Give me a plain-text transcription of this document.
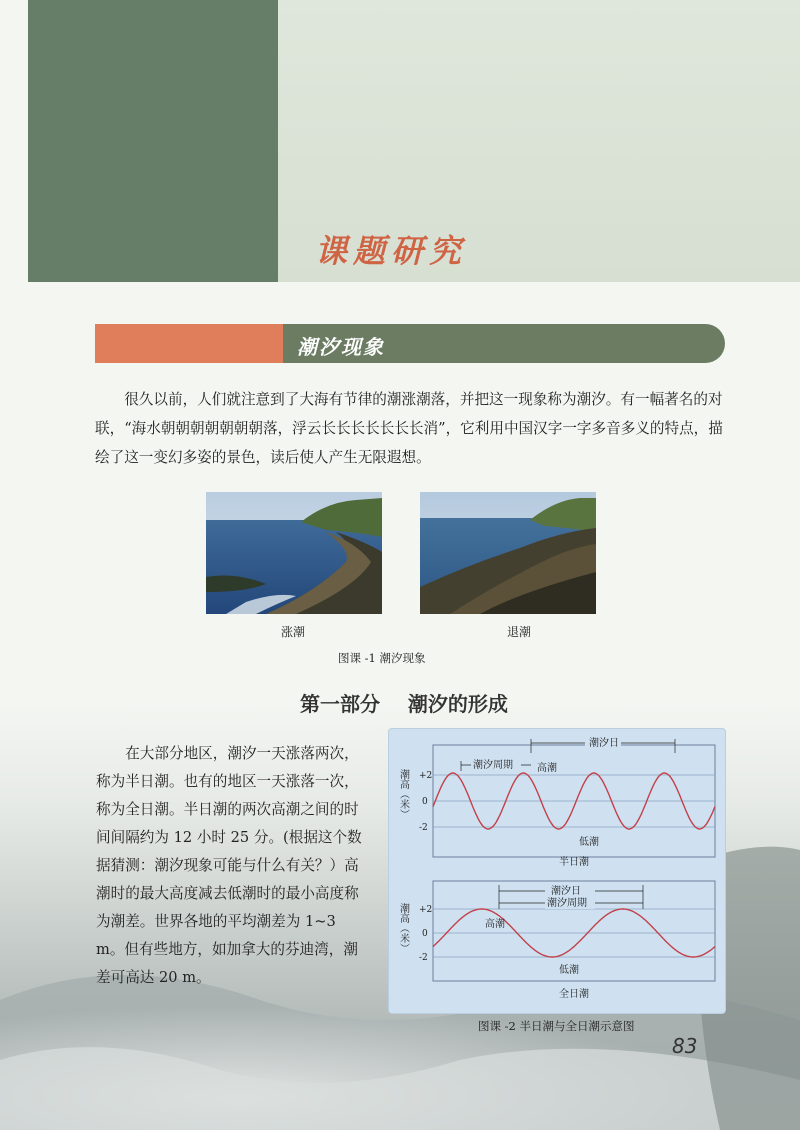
课题研究
潮汐现象
很久以前，人们就注意到了大海有节律的潮涨潮落，并把这一现象称为潮汐。有一幅著名的对联，“海水朝朝朝朝朝朝朝落，浮云长长长长长长长消”，它利用中国汉字一字多音多义的特点，描绘了这一变幻多姿的景色，读后使人产生无限遐想。
涨潮	退潮
图课 -1 潮汐现象
第一部分    潮汐的形成
在大部分地区，潮汐一天涨落两次，称为半日潮。也有的地区一天涨落一次，称为全日潮。半日潮的两次高潮之间的时间间隔约为 12 小时 25 分。(根据这个数据猜测：潮汐现象可能与什么有关？）高潮时的最大高度减去低潮时的最小高度称为潮差。世界各地的平均潮差为 1~3 m。但有些地方，如加拿大的芬迪湾，潮差可高达 20 m。
+2
0
-2
潮高（米）
潮汐日
潮汐周期 高潮
低潮
半日潮
+2
0
-2
潮高（米）
潮汐日
潮汐周期
高潮
低潮
全日潮
图课 -2 半日潮与全日潮示意图
83
